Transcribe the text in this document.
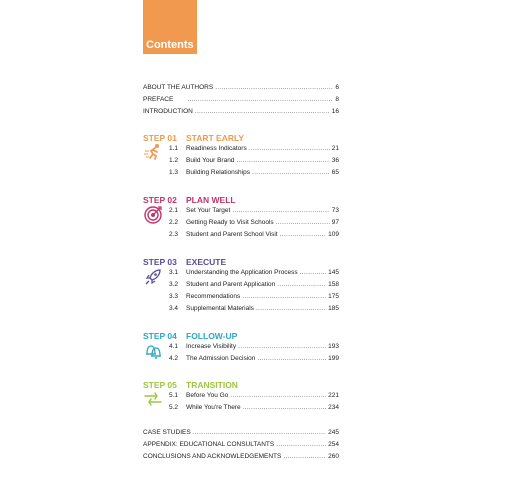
Contents
ABOUT THE AUTHORS .....	6
PREFACE .....	8
INTRODUCTION .....	16
STEP 01 START EARLY
1.1 Readiness Indicators .....	21
1.2 Build Your Brand .....	36
1.3 Building Relationships .....	65
STEP 02 PLAN WELL
2.1 Set Your Target .....	73
2.2 Getting Ready to Visit Schools .....	97
2.3 Student and Parent School Visit .....	109
STEP 03 EXECUTE
3.1 Understanding the Application Process .....	145
3.2 Student and Parent Application .....	158
3.3 Recommendations .....	175
3.4 Supplemental Materials .....	185
STEP 04 FOLLOW-UP
4.1 Increase Visibility .....	193
4.2 The Admission Decision .....	199
STEP 05 TRANSITION
5.1 Before You Go .....	221
5.2 While You're There .....	234
CASE STUDIES .....	245
APPENDIX: EDUCATIONAL CONSULTANTS .....	254
CONCLUSIONS AND ACKNOWLEDGEMENTS .....	260
